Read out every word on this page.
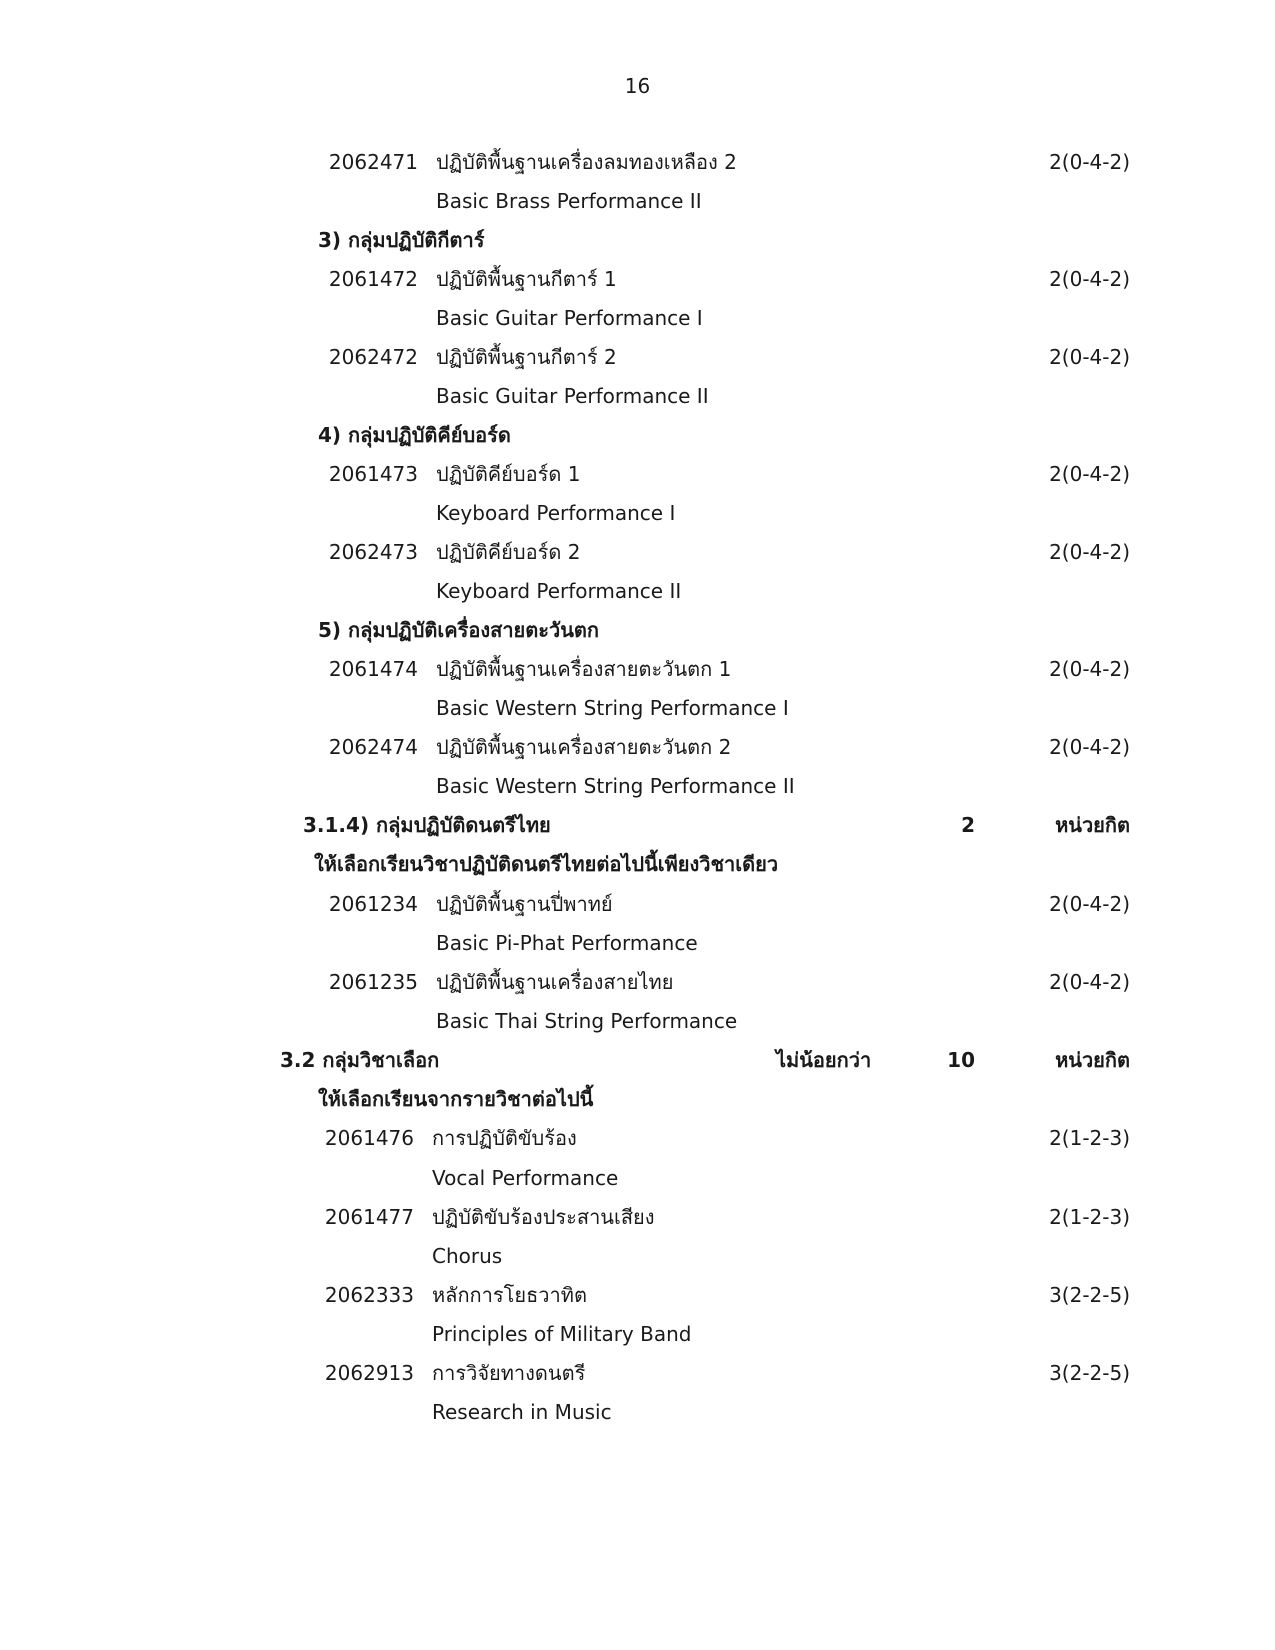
16
2062471 ปฏิบัติพื้นฐานเครื่องลมทองเหลือง 2	2(0-4-2)
Basic Brass Performance II
3) กลุ่มปฏิบัติกีตาร์
2061472 ปฏิบัติพื้นฐานกีตาร์ 1	2(0-4-2)
Basic Guitar Performance I
2062472 ปฏิบัติพื้นฐานกีตาร์ 2	2(0-4-2)
Basic Guitar Performance II
4) กลุ่มปฏิบัติคีย์บอร์ด
2061473 ปฏิบัติคีย์บอร์ด 1	2(0-4-2)
Keyboard Performance I
2062473 ปฏิบัติคีย์บอร์ด 2	2(0-4-2)
Keyboard Performance II
5) กลุ่มปฏิบัติเครื่องสายตะวันตก
2061474 ปฏิบัติพื้นฐานเครื่องสายตะวันตก 1	2(0-4-2)
Basic Western String Performance I
2062474 ปฏิบัติพื้นฐานเครื่องสายตะวันตก 2	2(0-4-2)
Basic Western String Performance II
3.1.4) กลุ่มปฏิบัติดนตรีไทย	2	หน่วยกิต
ให้เลือกเรียนวิชาปฏิบัติดนตรีไทยต่อไปนี้เพียงวิชาเดียว
2061234 ปฏิบัติพื้นฐานปี่พาทย์	2(0-4-2)
Basic Pi-Phat Performance
2061235 ปฏิบัติพื้นฐานเครื่องสายไทย	2(0-4-2)
Basic Thai String Performance
3.2 กลุ่มวิชาเลือก	ไม่น้อยกว่า	10	หน่วยกิต
ให้เลือกเรียนจากรายวิชาต่อไปนี้
2061476 การปฏิบัติขับร้อง	2(1-2-3)
Vocal Performance
2061477 ปฏิบัติขับร้องประสานเสียง	2(1-2-3)
Chorus
2062333 หลักการโยธวาทิต	3(2-2-5)
Principles of Military Band
2062913 การวิจัยทางดนตรี	3(2-2-5)
Research in Music
